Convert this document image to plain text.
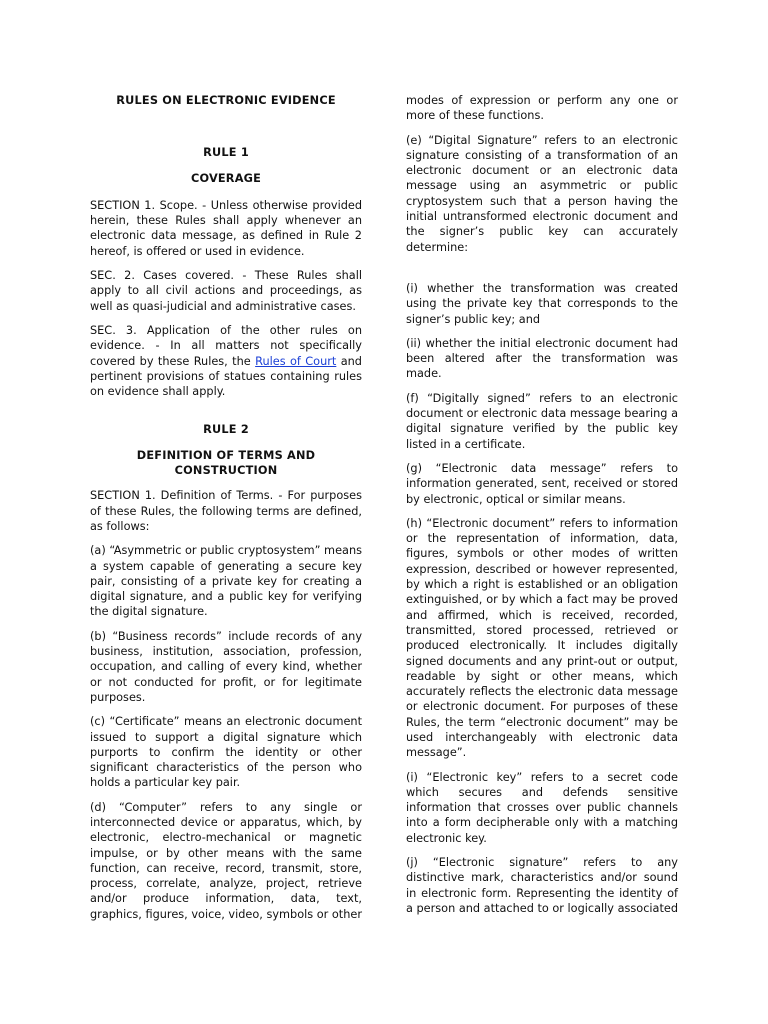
RULES ON ELECTRONIC EVIDENCE
RULE 1
COVERAGE

SECTION 1. Scope. - Unless otherwise provided herein, these Rules shall apply whenever an electronic data message, as defined in Rule 2 hereof, is offered or used in evidence.

SEC. 2. Cases covered. - These Rules shall apply to all civil actions and proceedings, as well as quasi-judicial and administrative cases.

SEC. 3. Application of the other rules on evidence. - In all matters not specifically covered by these Rules, the Rules of Court and pertinent provisions of statues containing rules on evidence shall apply.

RULE 2
DEFINITION OF TERMS AND CONSTRUCTION

SECTION 1. Definition of Terms. - For purposes of these Rules, the following terms are defined, as follows:

(a) “Asymmetric or public cryptosystem” means a system capable of generating a secure key pair, consisting of a private key for creating a digital signature, and a public key for verifying the digital signature.

(b) “Business records” include records of any business, institution, association, profession, occupation, and calling of every kind, whether or not conducted for profit, or for legitimate purposes.

(c) “Certificate” means an electronic document issued to support a digital signature which purports to confirm the identity or other significant characteristics of the person who holds a particular key pair.

(d) “Computer” refers to any single or interconnected device or apparatus, which, by electronic, electro-mechanical or magnetic impulse, or by other means with the same function, can receive, record, transmit, store, process, correlate, analyze, project, retrieve and/or produce information, data, text, graphics, figures, voice, video, symbols or other

modes of expression or perform any one or more of these functions.

(e) “Digital Signature” refers to an electronic signature consisting of a transformation of an electronic document or an electronic data message using an asymmetric or public cryptosystem such that a person having the initial untransformed electronic document and the signer’s public key can accurately determine:

(i) whether the transformation was created using the private key that corresponds to the signer’s public key; and

(ii) whether the initial electronic document had been altered after the transformation was made.

(f) “Digitally signed” refers to an electronic document or electronic data message bearing a digital signature verified by the public key listed in a certificate.

(g) “Electronic data message” refers to information generated, sent, received or stored by electronic, optical or similar means.

(h) “Electronic document” refers to information or the representation of information, data, figures, symbols or other modes of written expression, described or however represented, by which a right is established or an obligation extinguished, or by which a fact may be proved and affirmed, which is received, recorded, transmitted, stored processed, retrieved or produced electronically. It includes digitally signed documents and any print-out or output, readable by sight or other means, which accurately reflects the electronic data message or electronic document. For purposes of these Rules, the term “electronic document” may be used interchangeably with electronic data message”.

(i) “Electronic key” refers to a secret code which secures and defends sensitive information that crosses over public channels into a form decipherable only with a matching electronic key.

(j) “Electronic signature” refers to any distinctive mark, characteristics and/or sound in electronic form. Representing the identity of a person and attached to or logically associated
